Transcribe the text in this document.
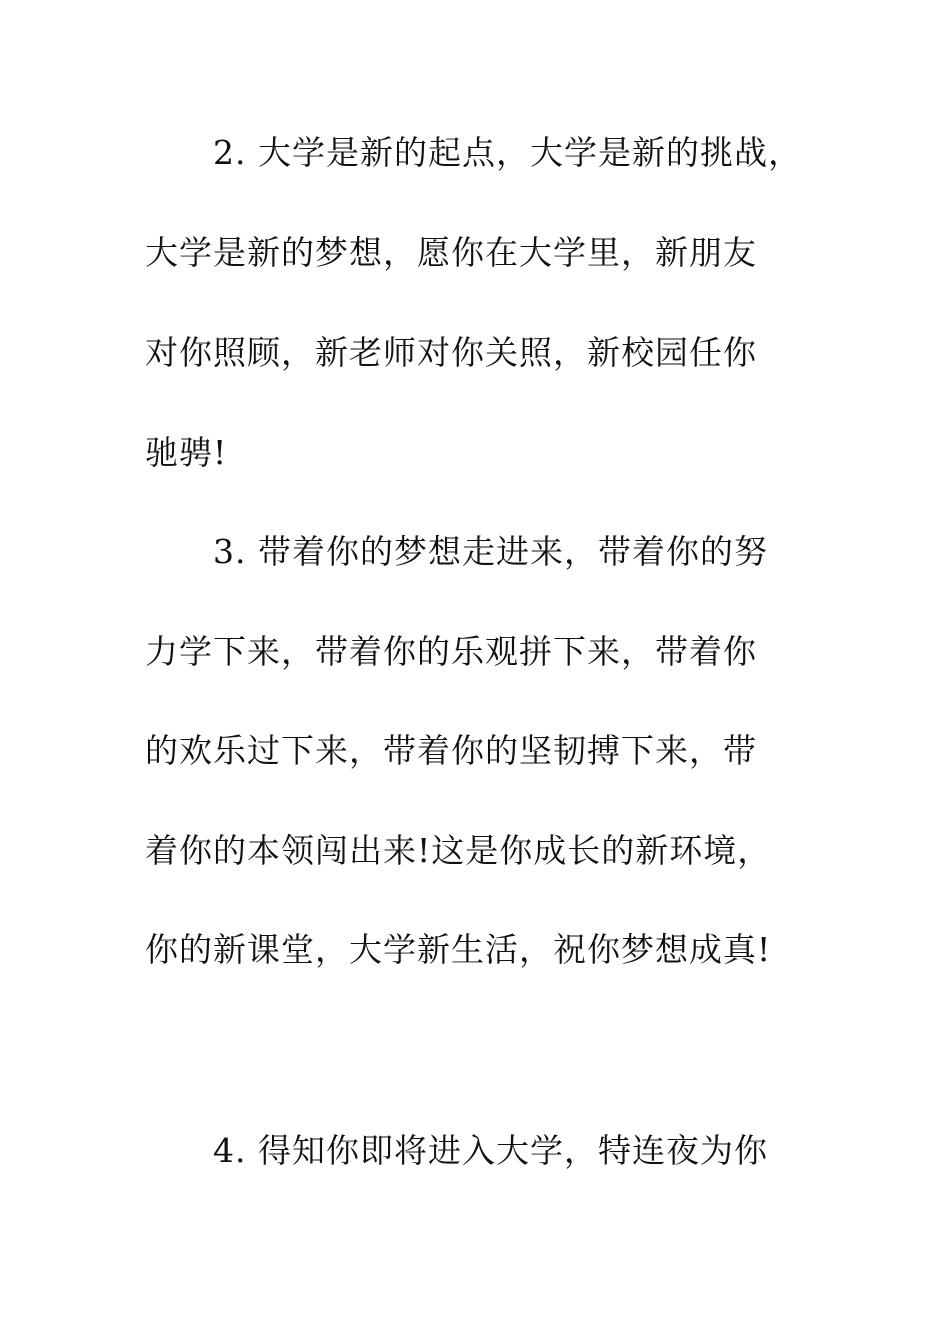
2. 大学是新的起点，大学是新的挑战，

大学是新的梦想，愿你在大学里，新朋友

对你照顾，新老师对你关照，新校园任你

驰骋!

3. 带着你的梦想走进来，带着你的努

力学下来，带着你的乐观拼下来，带着你

的欢乐过下来，带着你的坚韧搏下来，带

着你的本领闯出来!这是你成长的新环境，

你的新课堂，大学新生活，祝你梦想成真!

4. 得知你即将进入大学，特连夜为你
